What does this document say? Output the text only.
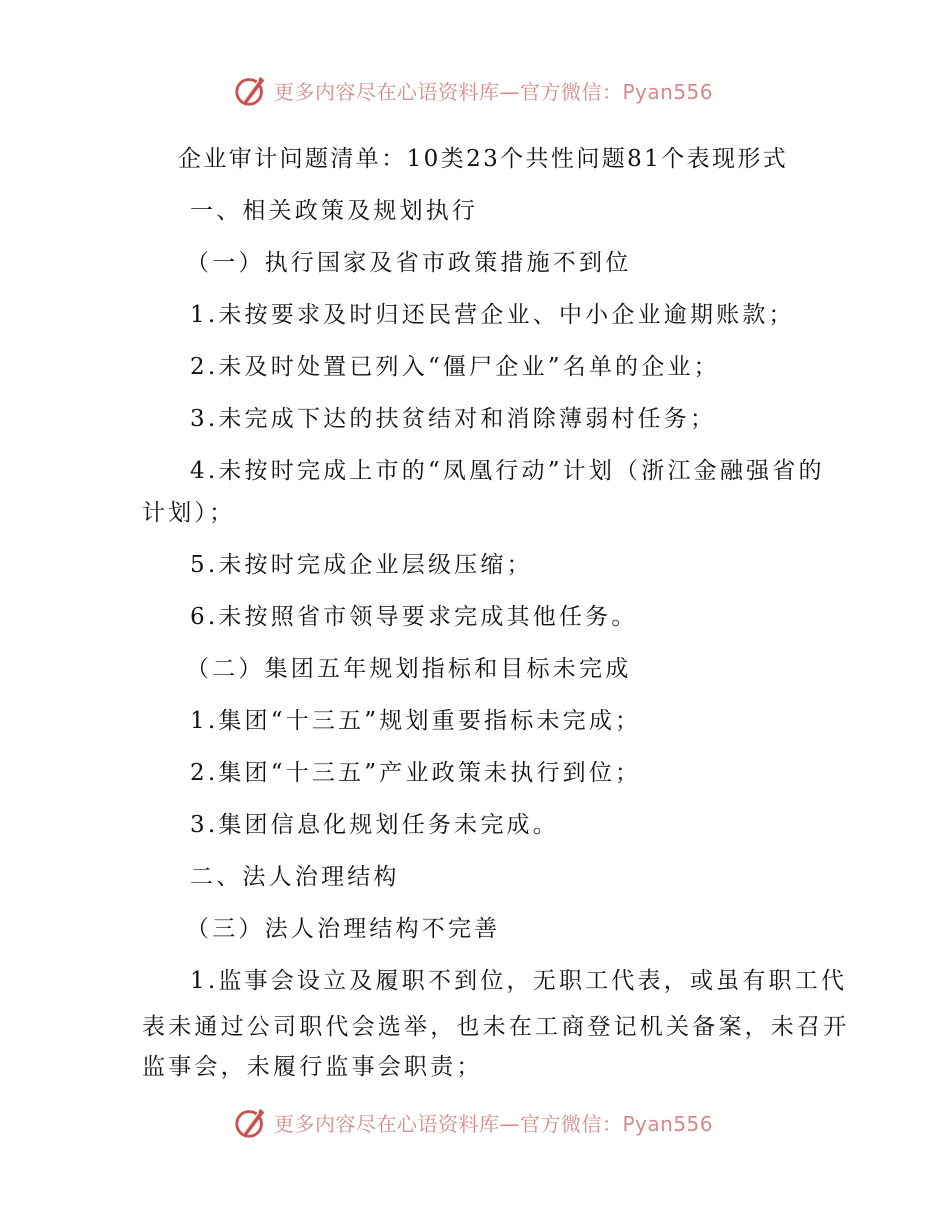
更多内容尽在心语资料库—官方微信：Pyan556
企业审计问题清单：10类23个共性问题81个表现形式
一、相关政策及规划执行
（一）执行国家及省市政策措施不到位
1.未按要求及时归还民营企业、中小企业逾期账款；
2.未及时处置已列入“僵尸企业”名单的企业；
3.未完成下达的扶贫结对和消除薄弱村任务；
4.未按时完成上市的“凤凰行动”计划（浙江金融强省的
计划）；
5.未按时完成企业层级压缩；
6.未按照省市领导要求完成其他任务。
（二）集团五年规划指标和目标未完成
1.集团“十三五”规划重要指标未完成；
2.集团“十三五”产业政策未执行到位；
3.集团信息化规划任务未完成。
二、法人治理结构
（三）法人治理结构不完善
1.监事会设立及履职不到位，无职工代表，或虽有职工代
表未通过公司职代会选举，也未在工商登记机关备案，未召开
监事会，未履行监事会职责；
更多内容尽在心语资料库—官方微信：Pyan556
